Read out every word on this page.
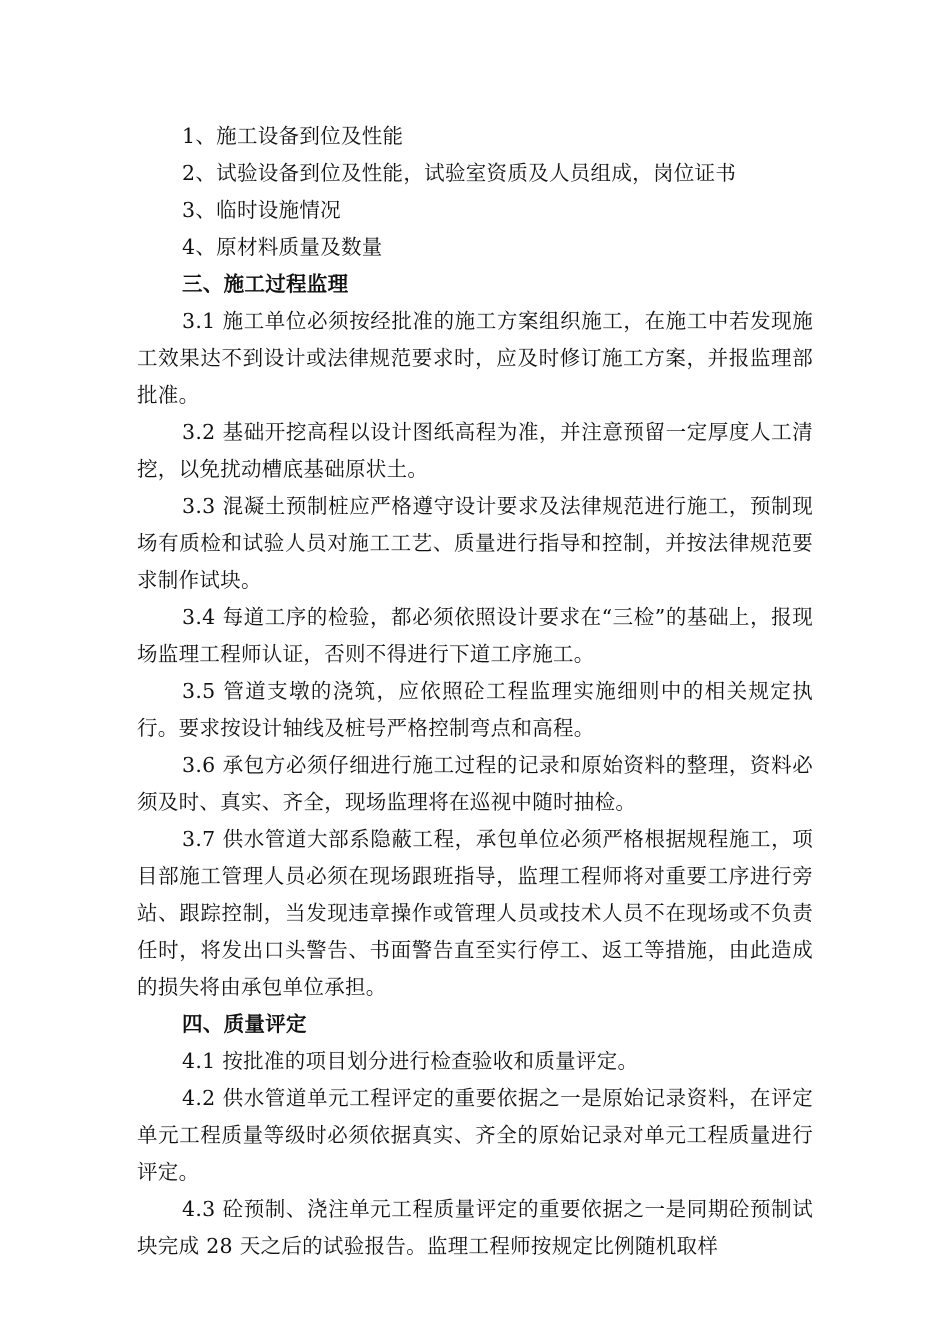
1、施工设备到位及性能

2、试验设备到位及性能，试验室资质及人员组成，岗位证书

3、临时设施情况

4、原材料质量及数量

三、施工过程监理

3.1 施工单位必须按经批准的施工方案组织施工，在施工中若发现施工效果达不到设计或法律规范要求时，应及时修订施工方案，并报监理部批准。

3.2 基础开挖高程以设计图纸高程为准，并注意预留一定厚度人工清挖，以免扰动槽底基础原状土。

3.3 混凝土预制桩应严格遵守设计要求及法律规范进行施工，预制现场有质检和试验人员对施工工艺、质量进行指导和控制，并按法律规范要求制作试块。

3.4 每道工序的检验，都必须依照设计要求在“三检”的基础上，报现场监理工程师认证，否则不得进行下道工序施工。

3.5 管道支墩的浇筑，应依照砼工程监理实施细则中的相关规定执行。要求按设计轴线及桩号严格控制弯点和高程。

3.6 承包方必须仔细进行施工过程的记录和原始资料的整理，资料必须及时、真实、齐全，现场监理将在巡视中随时抽检。

3.7 供水管道大部系隐蔽工程，承包单位必须严格根据规程施工，项目部施工管理人员必须在现场跟班指导，监理工程师将对重要工序进行旁站、跟踪控制，当发现违章操作或管理人员或技术人员不在现场或不负责任时，将发出口头警告、书面警告直至实行停工、返工等措施，由此造成的损失将由承包单位承担。

四、质量评定

4.1 按批准的项目划分进行检查验收和质量评定。

4.2 供水管道单元工程评定的重要依据之一是原始记录资料，在评定单元工程质量等级时必须依据真实、齐全的原始记录对单元工程质量进行评定。

4.3 砼预制、浇注单元工程质量评定的重要依据之一是同期砼预制试块完成 28 天之后的试验报告。监理工程师按规定比例随机取样
